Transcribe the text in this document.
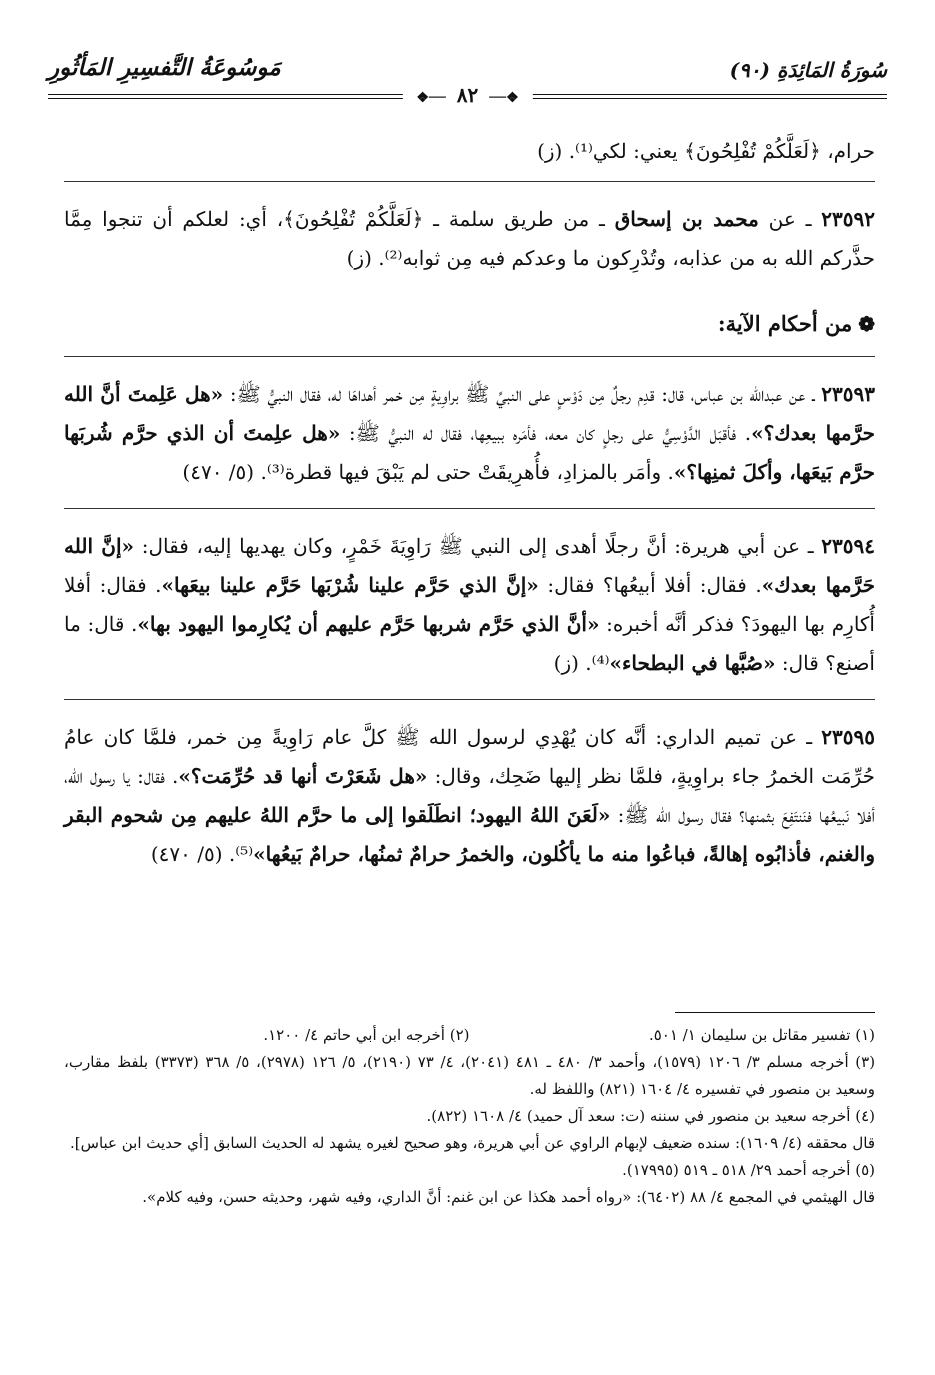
سُورَةُ المَائِدَةِ (٩٠)
مَوسُوعَةُ التَّفسِيرِ المَأثُورِ
❖── ٨٢ ──❖

حرام، ﴿لَعَلَّكُمْ تُفْلِحُونَ﴾ يعني: لكي⁽¹⁾. (ز)

٢٣٥٩٢ ـ عن محمد بن إسحاق ـ من طريق سلمة ـ ﴿لَعَلَّكُمْ تُفْلِحُونَ﴾، أي: لعلكم أن تنجوا مِمَّا حذَّركم الله به من عذابه، وتُدْرِكون ما وعدكم فيه مِن ثوابه⁽²⁾. (ز)

❁من أحكام الآية:

٢٣٥٩٣ ـ عن عبدالله بن عباس، قال: قدِم رجلٌ مِن دَوْسٍ على النبيِّ ﷺ براوِيةٍ مِن خمر أهداهَا له، فقال النبيُّ ﷺ: «هل عَلِمتَ أنَّ الله حرَّمها بعدك؟». فأقبَل الدَّوْسِيُّ على رجلٍ كان معه، فأمَره ببيعِها، فقال له النبيُّ ﷺ: «هل علِمتَ أن الذي حرَّم شُربَها حرَّم بَيعَها، وأكلَ ثمنِها؟». وأمَر بالمزادِ، فأُهرِيقَتْ حتى لم يَبْقَ فيها قطرة⁽³⁾. (٥/ ٤٧٠)

٢٣٥٩٤ ـ عن أبي هريرة: أنَّ رجلًا أهدى إلى النبي ﷺ رَاوِيَةَ خَمْرٍ، وكان يهديها إليه، فقال: «إنَّ الله حَرَّمها بعدك». فقال: أفلا أبيعُها؟ فقال: «إنَّ الذي حَرَّم علينا شُرْبَها حَرَّم علينا بيعَها». فقال: أفلا أُكارِم بها اليهودَ؟ فذكر أنَّه أخبره: «أنَّ الذي حَرَّم شربها حَرَّم عليهم أن يُكارِموا اليهود بها». قال: ما أصنع؟ قال: «صُبَّها في البطحاء»⁽⁴⁾. (ز)

٢٣٥٩٥ ـ عن تميم الداري: أنَّه كان يُهْدِي لرسول الله ﷺ كلَّ عام رَاوِيةً مِن خمر، فلمَّا كان عامُ حُرِّمَت الخمرُ جاء براوِيةٍ، فلمَّا نظر إليها ضَحِك، وقال: «هل شَعَرْتَ أنها قد حُرِّمَت؟». فقال: يا رسول الله، أفلا نَبيعُها فنَنتَفِعَ بثمنها؟ فقال رسول الله ﷺ: «لَعَنَ اللهُ اليهود؛ انطَلَقوا إلى ما حرَّم اللهُ عليهم مِن شحوم البقر والغنم، فأذابُوه إهالةً، فباعُوا منه ما يأكُلون، والخمرُ حرامٌ ثمنُها، حرامٌ بَيعُها»⁽⁵⁾. (٥/ ٤٧٠)

(١) تفسير مقاتل بن سليمان ١/ ٥٠١.

(٢) أخرجه ابن أبي حاتم ٤/ ١٢٠٠.

(٣) أخرجه مسلم ٣/ ١٢٠٦ (١٥٧٩)، وأحمد ٣/ ٤٨٠ ـ ٤٨١ (٢٠٤١)، ٤/ ٧٣ (٢١٩٠)، ٥/ ١٢٦ (٢٩٧٨)، ٥/ ٣٦٨ (٣٣٧٣) بلفظ مقارب، وسعيد بن منصور في تفسيره ٤/ ١٦٠٤ (٨٢١) واللفظ له.

(٤) أخرجه سعيد بن منصور في سننه (ت: سعد آل حميد) ٤/ ١٦٠٨ (٨٢٢).

قال محققه (٤/ ١٦٠٩): سنده ضعيف لإبهام الراوي عن أبي هريرة، وهو صحيح لغيره يشهد له الحديث السابق [أي حديث ابن عباس].

(٥) أخرجه أحمد ٢٩/ ٥١٨ ـ ٥١٩ (١٧٩٩٥).

قال الهيثمي في المجمع ٤/ ٨٨ (٦٤٠٢): «رواه أحمد هكذا عن ابن غنم: أنَّ الداري، وفيه شهر، وحديثه حسن، وفيه كلام».
